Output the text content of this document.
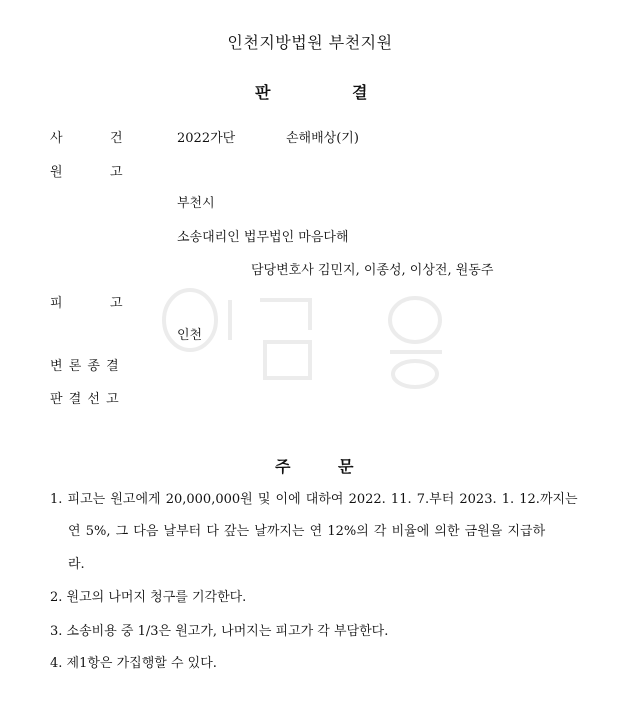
인천지방법원 부천지원
판	결
사	건	2022가단	손해배상(기)
원	고
부천시
소송대리인 법무법인 마음다해
담당변호사 김민지, 이종성, 이상전, 원동주
피	고
인천
변 론 종 결
판 결 선 고
주	문
1. 피고는 원고에게 20,000,000원 및 이에 대하여 2022. 11. 7.부터 2023. 1. 12.까지는
연 5%, 그 다음 날부터 다 갚는 날까지는 연 12%의 각 비율에 의한 금원을 지급하
라.
2. 원고의 나머지 청구를 기각한다.
3. 소송비용 중 1/3은 원고가, 나머지는 피고가 각 부담한다.
4. 제1항은 가집행할 수 있다.
